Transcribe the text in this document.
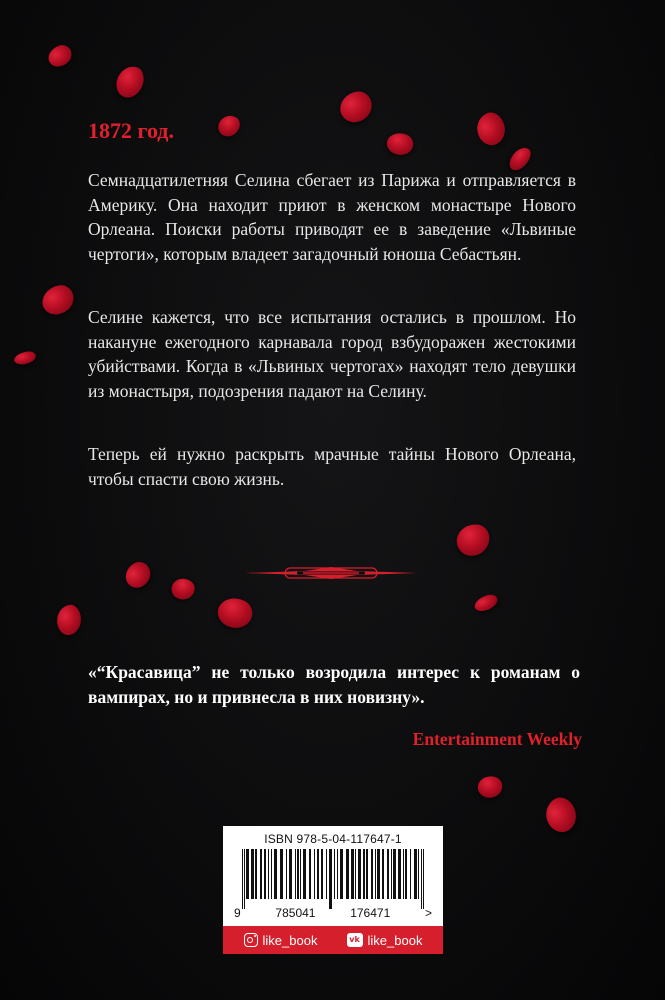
1872 год.

Семнадцатилетняя Селина сбегает из Парижа и отправляется в Америку. Она находит приют в женском монастыре Нового Орлеана. Поиски работы приводят ее в заведение «Львиные чертоги», которым владеет загадочный юноша Себастьян.

Селине кажется, что все испытания остались в прошлом. Но накануне ежегодного карнавала город взбудоражен жестокими убийствами. Когда в «Львиных чертогах» находят тело девушки из монастыря, подозрения падают на Селину.

Теперь ей нужно раскрыть мрачные тайны Нового Орлеана, чтобы спасти свою жизнь.

«“Красавица” не только возродила интерес к романам о вампирах, но и привнесла в них новизну».

Entertainment Weekly
ISBN 978-5-04-117647-1
9	785041	176471	>
like_book	vk like_book
